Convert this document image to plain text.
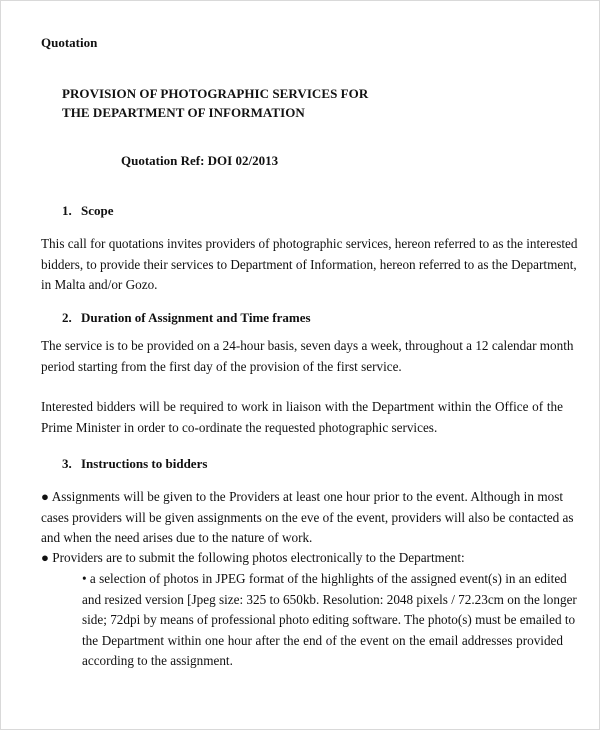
Quotation
PROVISION OF PHOTOGRAPHIC SERVICES FOR
THE DEPARTMENT OF INFORMATION
Quotation Ref: DOI 02/2013
1. Scope
This call for quotations invites providers of photographic services, hereon referred to as the interested
bidders, to provide their services to Department of Information, hereon referred to as the Department,
in Malta and/or Gozo.
2. Duration of Assignment and Time frames
The service is to be provided on a 24-hour basis, seven days a week, throughout a 12 calendar month
period starting from the first day of the provision of the first service.
Interested bidders will be required to work in liaison with the Department within the Office of the
Prime Minister in order to co-ordinate the requested photographic services.
3. Instructions to bidders
● Assignments will be given to the Providers at least one hour prior to the event. Although in most
cases providers will be given assignments on the eve of the event, providers will also be contacted as
and when the need arises due to the nature of work.
● Providers are to submit the following photos electronically to the Department:
• a selection of photos in JPEG format of the highlights of the assigned event(s) in an edited
and resized version [Jpeg size: 325 to 650kb. Resolution: 2048 pixels / 72.23cm on the longer
side; 72dpi by means of professional photo editing software. The photo(s) must be emailed to
the Department within one hour after the end of the event on the email addresses provided
according to the assignment.
